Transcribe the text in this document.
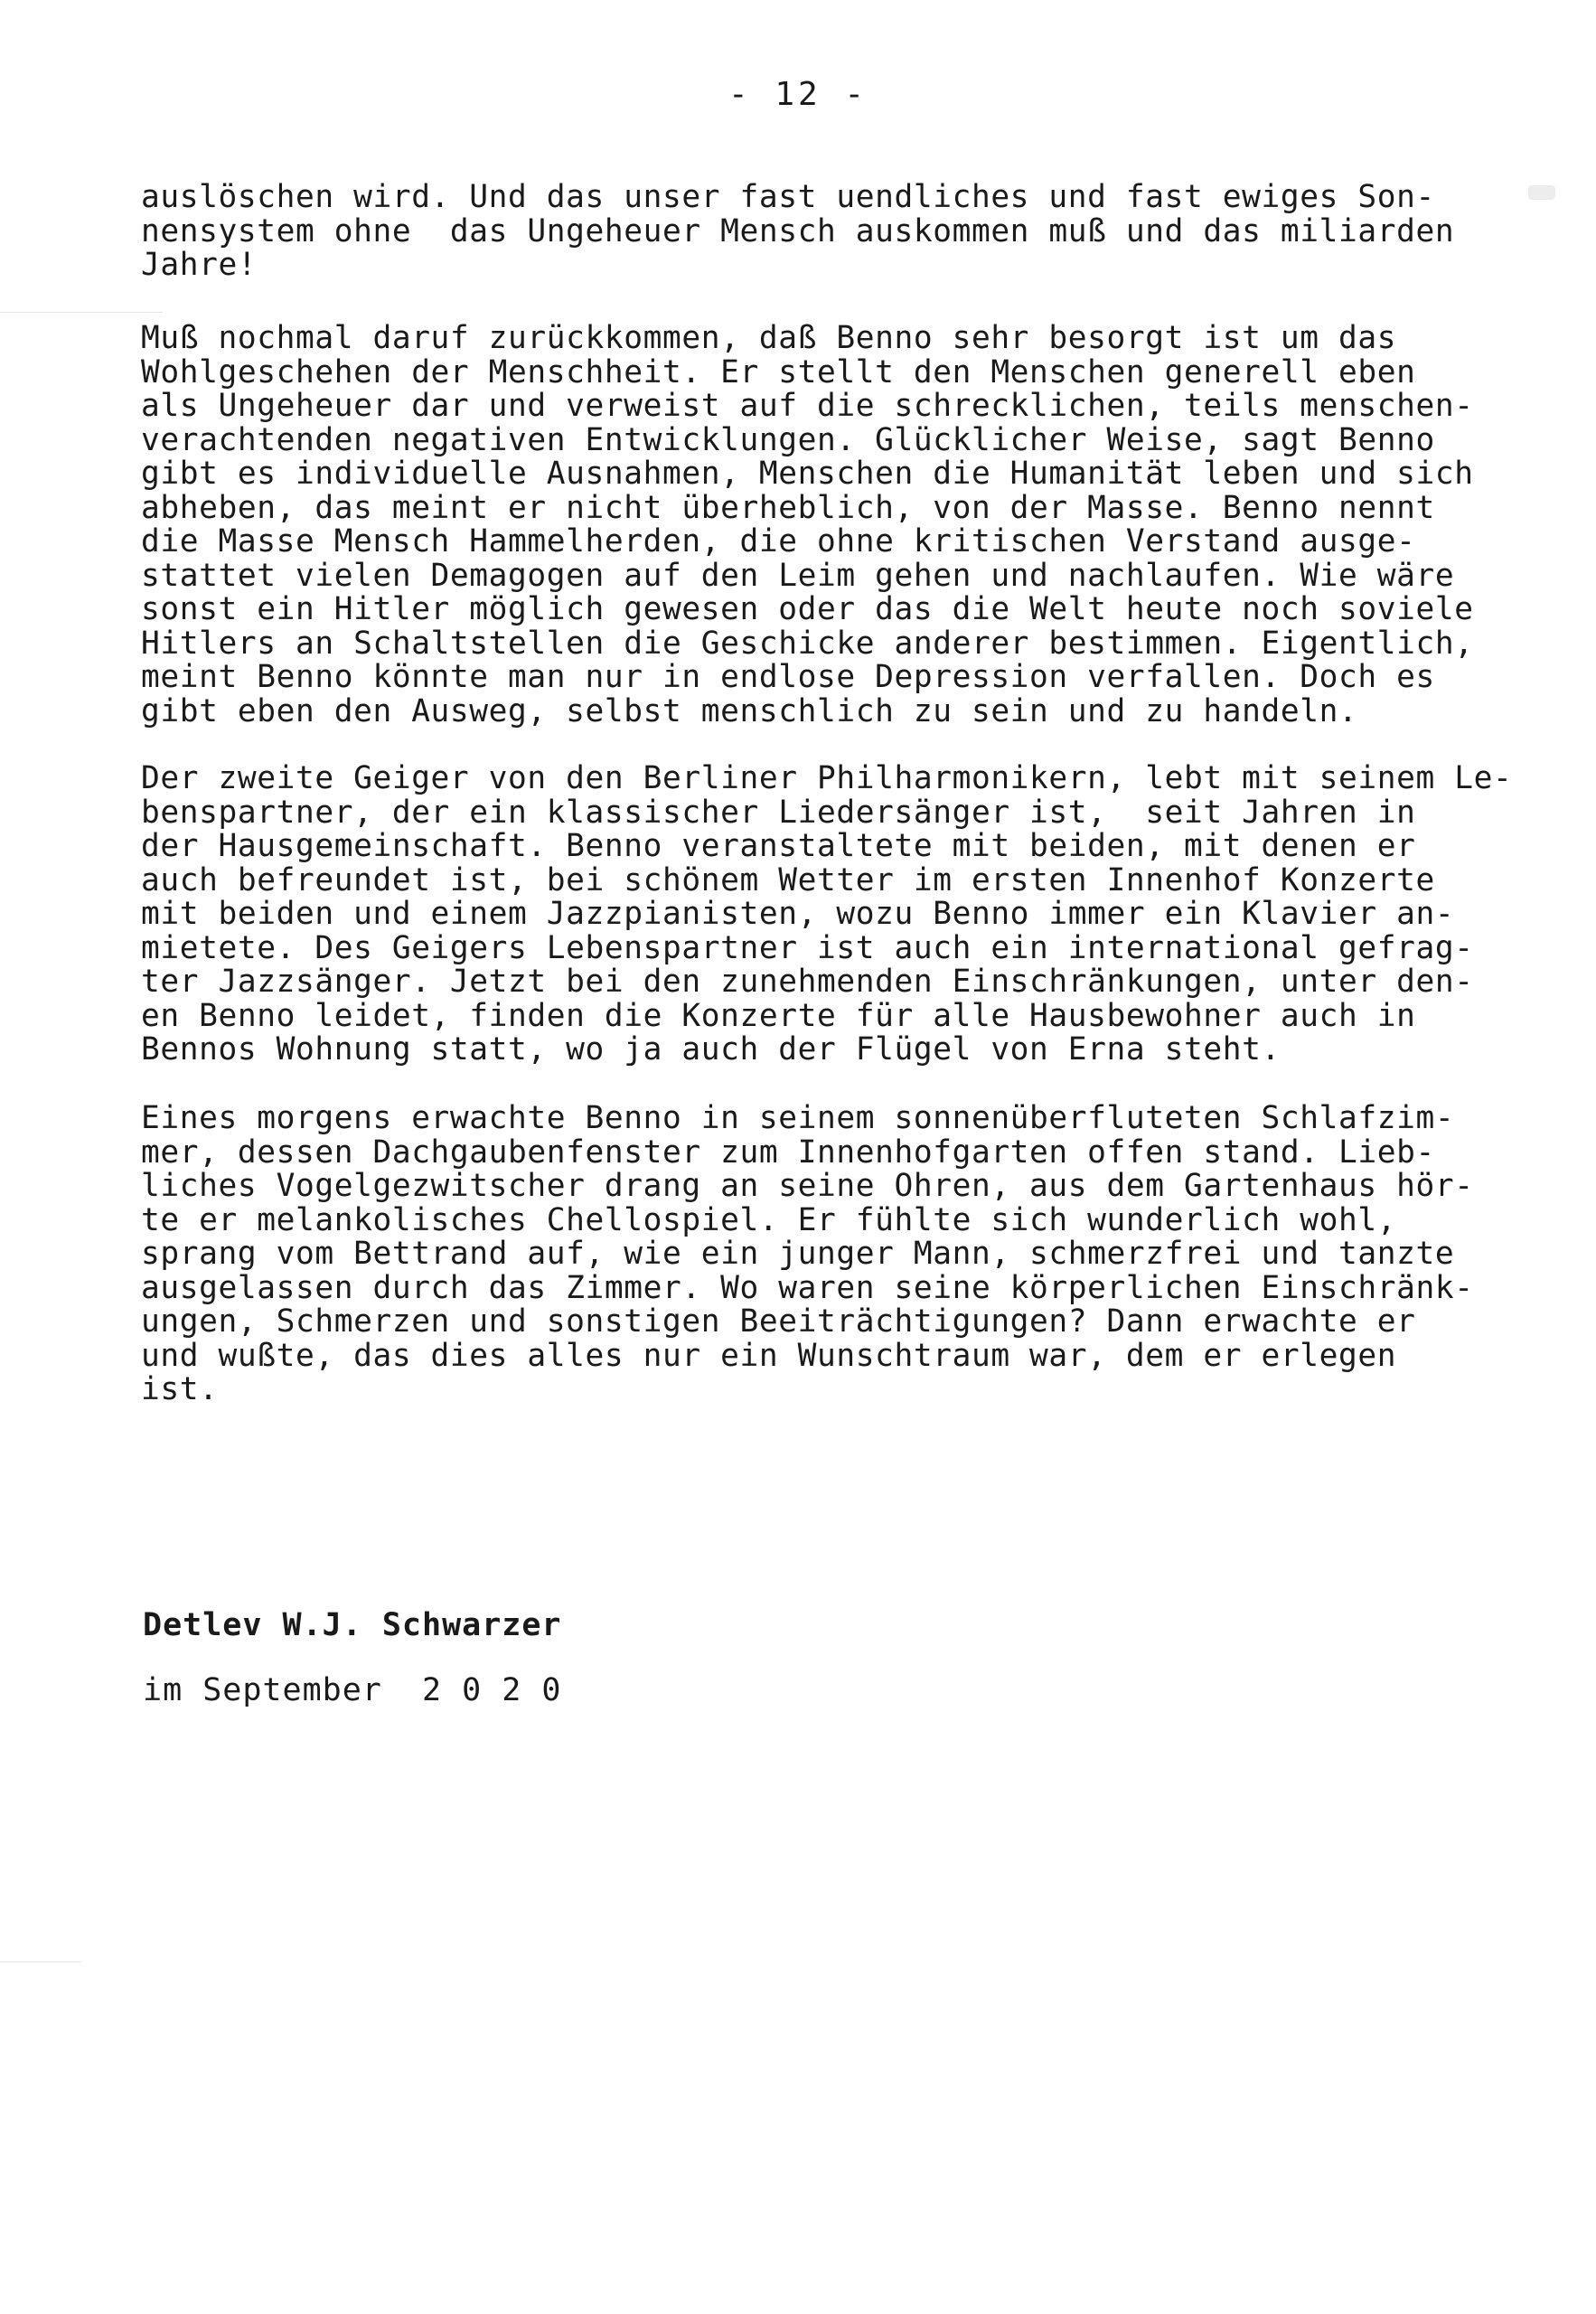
- 12 -
auslöschen wird. Und das unser fast uendliches und fast ewiges Son-
nensystem ohne  das Ungeheuer Mensch auskommen muß und das miliarden
Jahre!
Muß nochmal daruf zurückkommen, daß Benno sehr besorgt ist um das
Wohlgeschehen der Menschheit. Er stellt den Menschen generell eben
als Ungeheuer dar und verweist auf die schrecklichen, teils menschen-
verachtenden negativen Entwicklungen. Glücklicher Weise, sagt Benno
gibt es individuelle Ausnahmen, Menschen die Humanität leben und sich
abheben, das meint er nicht überheblich, von der Masse. Benno nennt
die Masse Mensch Hammelherden, die ohne kritischen Verstand ausge-
stattet vielen Demagogen auf den Leim gehen und nachlaufen. Wie wäre
sonst ein Hitler möglich gewesen oder das die Welt heute noch soviele
Hitlers an Schaltstellen die Geschicke anderer bestimmen. Eigentlich,
meint Benno könnte man nur in endlose Depression verfallen. Doch es
gibt eben den Ausweg, selbst menschlich zu sein und zu handeln.
Der zweite Geiger von den Berliner Philharmonikern, lebt mit seinem Le-
benspartner, der ein klassischer Liedersänger ist,  seit Jahren in
der Hausgemeinschaft. Benno veranstaltete mit beiden, mit denen er
auch befreundet ist, bei schönem Wetter im ersten Innenhof Konzerte
mit beiden und einem Jazzpianisten, wozu Benno immer ein Klavier an-
mietete. Des Geigers Lebenspartner ist auch ein international gefrag-
ter Jazzsänger. Jetzt bei den zunehmenden Einschränkungen, unter den-
en Benno leidet, finden die Konzerte für alle Hausbewohner auch in
Bennos Wohnung statt, wo ja auch der Flügel von Erna steht.
Eines morgens erwachte Benno in seinem sonnenüberfluteten Schlafzim-
mer, dessen Dachgaubenfenster zum Innenhofgarten offen stand. Lieb-
liches Vogelgezwitscher drang an seine Ohren, aus dem Gartenhaus hör-
te er melankolisches Chellospiel. Er fühlte sich wunderlich wohl,
sprang vom Bettrand auf, wie ein junger Mann, schmerzfrei und tanzte
ausgelassen durch das Zimmer. Wo waren seine körperlichen Einschränk-
ungen, Schmerzen und sonstigen Beeiträchtigungen? Dann erwachte er
und wußte, das dies alles nur ein Wunschtraum war, dem er erlegen
ist.
Detlev W.J. Schwarzer
im September  2 0 2 0
